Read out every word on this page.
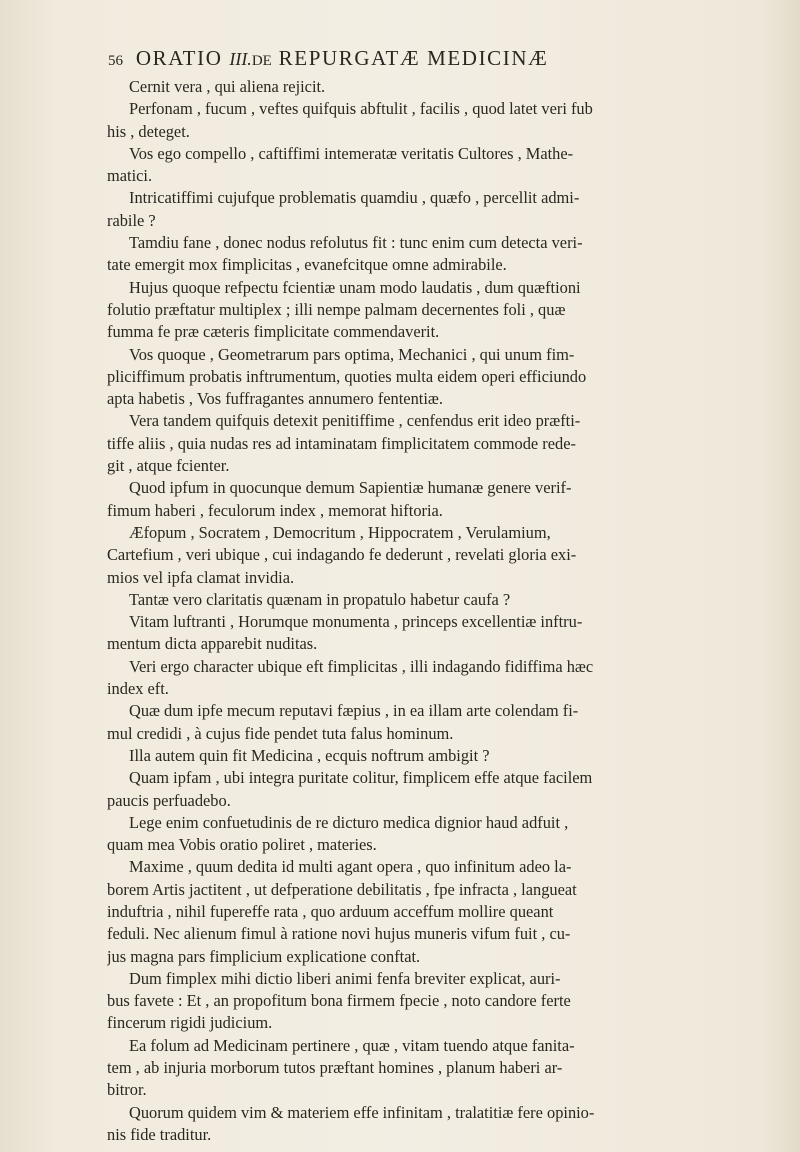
56 ORATIO III.DE REPURGATÆ MEDICINÆ
Cernit vera , qui aliena rejicit.
Perfonam , fucum , veftes quifquis abftulit , facilis , quod latet veri fub
his , deteget.
Vos ego compello , caftiffimi intemeratæ veritatis Cultores , Mathe-
matici.
Intricatiffimi cujufque problematis quamdiu , quæfo , percellit admi-
rabile ?
Tamdiu fane , donec nodus refolutus fit : tunc enim cum detecta veri-
tate emergit mox fimplicitas , evanefcitque omne admirabile.
Hujus quoque refpectu fcientiæ unam modo laudatis , dum quæftioni
folutio præftatur multiplex ; illi nempe palmam decernentes foli , quæ
fumma fe præ cæteris fimplicitate commendaverit.
Vos quoque , Geometrarum pars optima, Mechanici , qui unum fim-
pliciffimum probatis inftrumentum, quoties multa eidem operi efficiundo
apta habetis , Vos fuffragantes annumero fententiæ.
Vera tandem quifquis detexit penitiffime , cenfendus erit ideo præfti-
tiffe aliis , quia nudas res ad intaminatam fimplicitatem commode rede-
git , atque fcienter.
Quod ipfum in quocunque demum Sapientiæ humanæ genere verif-
fimum haberi , feculorum index , memorat hiftoria.
Æfopum , Socratem , Democritum , Hippocratem , Verulamium,
Cartefium , veri ubique , cui indagando fe dederunt , revelati gloria exi-
mios vel ipfa clamat invidia.
Tantæ vero claritatis quænam in propatulo habetur caufa ?
Vitam luftranti , Horumque monumenta , princeps excellentiæ inftru-
mentum dicta apparebit nuditas.
Veri ergo character ubique eft fimplicitas , illi indagando fidiffima hæc
index eft.
Quæ dum ipfe mecum reputavi fæpius , in ea illam arte colendam fi-
mul credidi , à cujus fide pendet tuta falus hominum.
Illa autem quin fit Medicina , ecquis noftrum ambigit ?
Quam ipfam , ubi integra puritate colitur, fimplicem effe atque facilem
paucis perfuadebo.
Lege enim confuetudinis de re dicturo medica dignior haud adfuit ,
quam mea Vobis oratio poliret , materies.
Maxime , quum dedita id multi agant opera , quo infinitum adeo la-
borem Artis jactitent , ut defperatione debilitatis , fpe infracta , langueat
induftria , nihil fupereffe rata , quo arduum acceffum mollire queant
feduli. Nec alienum fimul à ratione novi hujus muneris vifum fuit , cu-
jus magna pars fimplicium explicatione conftat.
Dum fimplex mihi dictio liberi animi fenfa breviter explicat, auri-
bus favete : Et , an propofitum bona firmem fpecie , noto candore ferte
fincerum rigidi judicium.
Ea folum ad Medicinam pertinere , quæ , vitam tuendo atque fanita-
tem , ab injuria morborum tutos præftant homines , planum haberi ar-
bitror.
Quorum quidem vim & materiem effe infinitam , tralatitiæ fere opinio-
nis fide traditur.
